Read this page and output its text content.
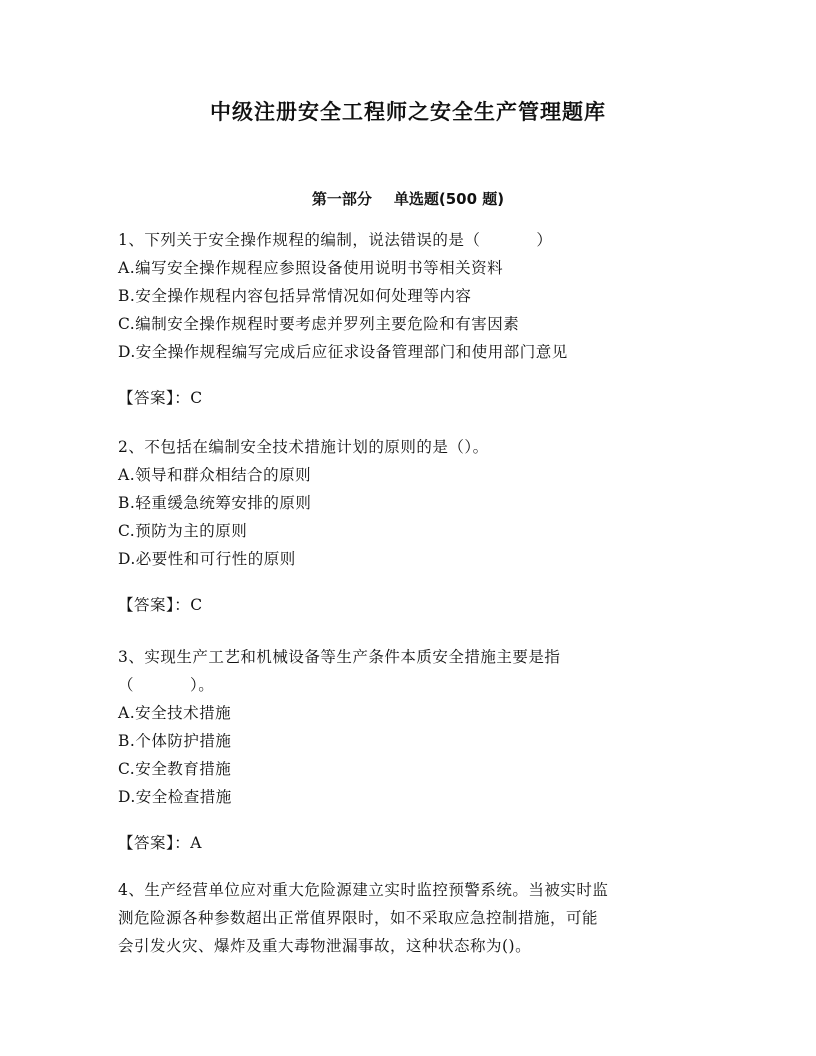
中级注册安全工程师之安全生产管理题库
第一部分 单选题(500 题)
1、下列关于安全操作规程的编制，说法错误的是（	）
A.编写安全操作规程应参照设备使用说明书等相关资料
B.安全操作规程内容包括异常情况如何处理等内容
C.编制安全操作规程时要考虑并罗列主要危险和有害因素
D.安全操作规程编写完成后应征求设备管理部门和使用部门意见
【答案】：C
2、不包括在编制安全技术措施计划的原则的是（）。
A.领导和群众相结合的原则
B.轻重缓急统筹安排的原则
C.预防为主的原则
D.必要性和可行性的原则
【答案】：C
3、实现生产工艺和机械设备等生产条件本质安全措施主要是指
（	）。
A.安全技术措施
B.个体防护措施
C.安全教育措施
D.安全检查措施
【答案】：A
4、生产经营单位应对重大危险源建立实时监控预警系统。当被实时监
测危险源各种参数超出正常值界限时，如不采取应急控制措施，可能
会引发火灾、爆炸及重大毒物泄漏事故，这种状态称为()。
